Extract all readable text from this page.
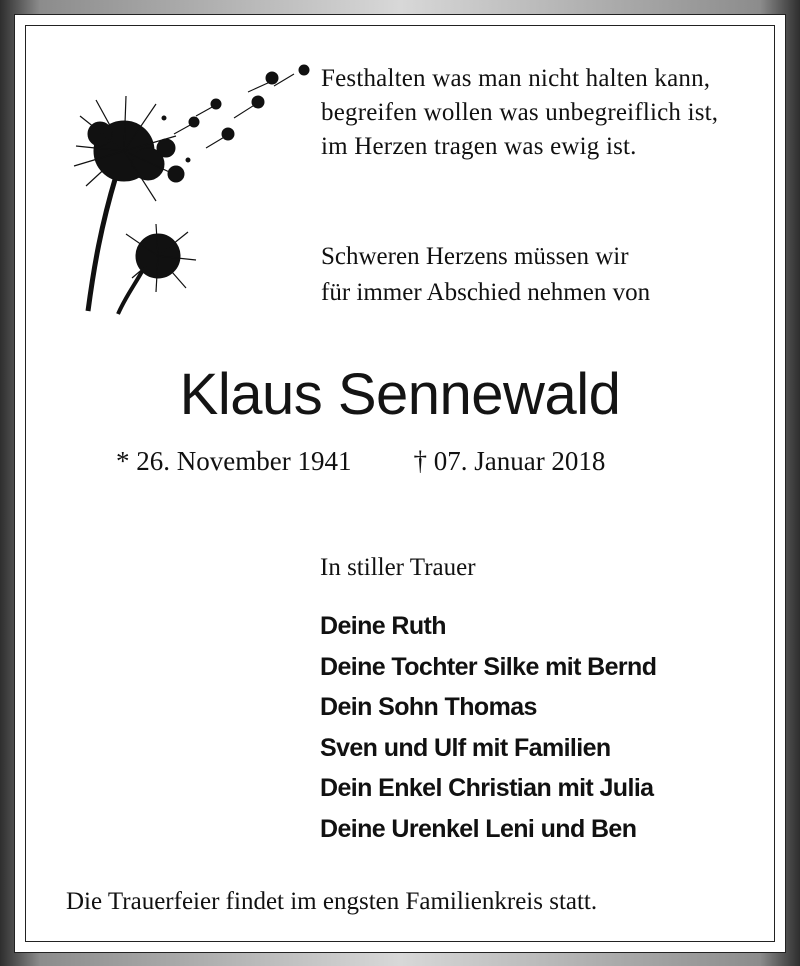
Festhalten was man nicht halten kann,
begreifen wollen was unbegreiflich ist,
im Herzen tragen was ewig ist.
Schweren Herzens müssen wir
für immer Abschied nehmen von
Klaus Sennewald
* 26. November 1941 † 07. Januar 2018
In stiller Trauer
Deine Ruth
Deine Tochter Silke mit Bernd
Dein Sohn Thomas
Sven und Ulf mit Familien
Dein Enkel Christian mit Julia
Deine Urenkel Leni und Ben
Die Trauerfeier findet im engsten Familienkreis statt.
